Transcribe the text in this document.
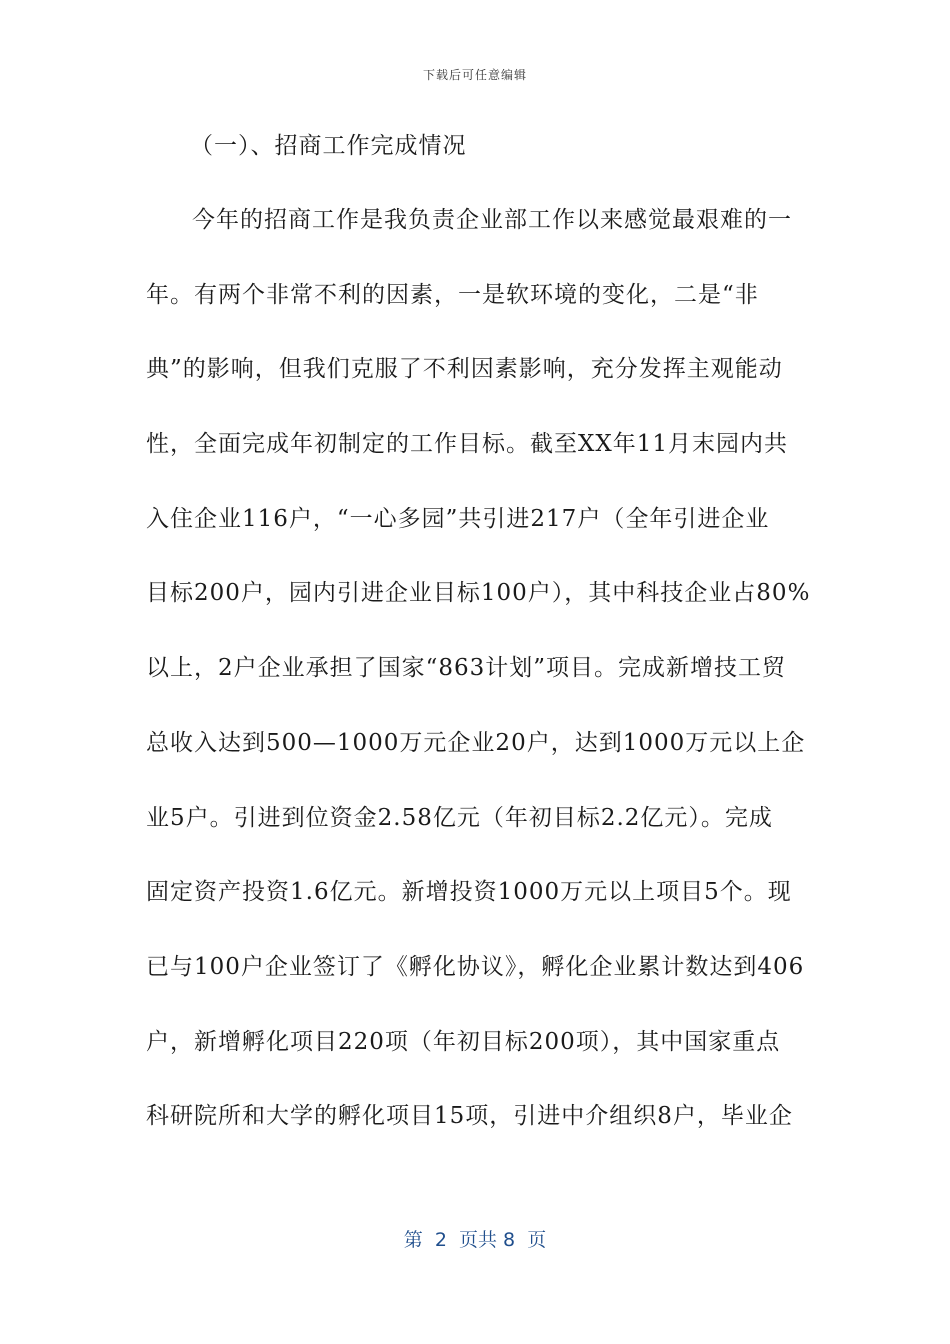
下载后可任意编辑
（一）、招商工作完成情况
今年的招商工作是我负责企业部工作以来感觉最艰难的一
年。有两个非常不利的因素，一是软环境的变化，二是“非
典”的影响，但我们克服了不利因素影响，充分发挥主观能动
性，全面完成年初制定的工作目标。截至XX年11月末园内共
入住企业116户，“一心多园”共引进217户（全年引进企业
目标200户，园内引进企业目标100户），其中科技企业占80%
以上，2户企业承担了国家“863计划”项目。完成新增技工贸
总收入达到500—1000万元企业20户，达到1000万元以上企
业5户。引进到位资金2.58亿元（年初目标2.2亿元）。完成
固定资产投资1.6亿元。新增投资1000万元以上项目5个。现
已与100户企业签订了《孵化协议》，孵化企业累计数达到406
户，新增孵化项目220项（年初目标200项），其中国家重点
科研院所和大学的孵化项目15项，引进中介组织8户，毕业企
第  2  页共 8  页
